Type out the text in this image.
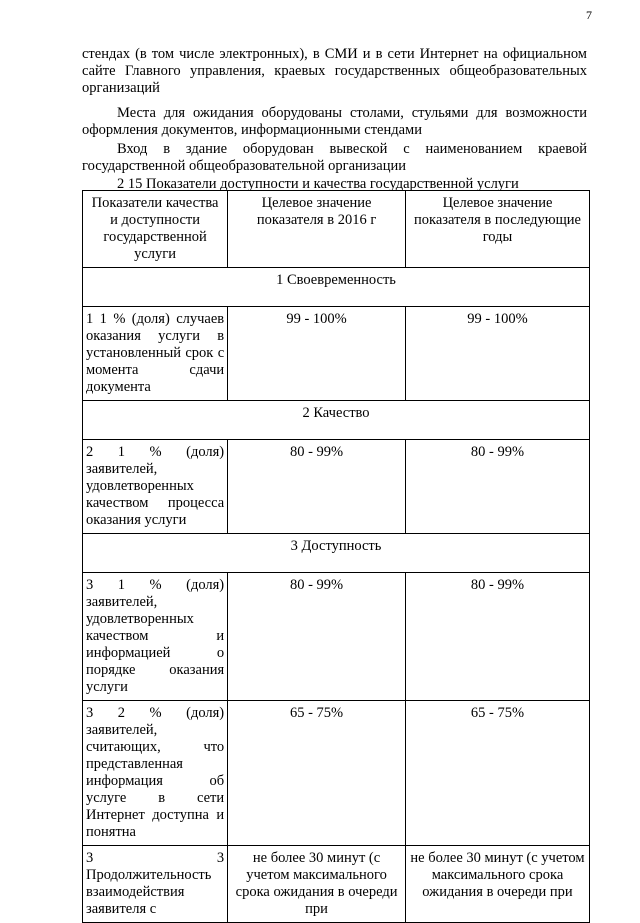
7

стендах (в том числе электронных), в СМИ и в сети Интернет на официальном сайте Главного управления, краевых государственных общеобразовательных организаций

Места для ожидания оборудованы столами, стульями для возможности оформления документов, информационными стендами

Вход в здание оборудован вывеской с наименованием краевой государственной общеобразовательной организации

2 15 Показатели доступности и качества государственной услуги
Показатели качества и доступности государственной услуги	Целевое значение показателя в 2016 г	Целевое значение показателя в последующие годы
1 Своевременность		
1 1 % (доля) случаев оказания услуги в установленный срок с момента сдачи документа	99 - 100%	99 - 100%
2 Качество		
2 1 % (доля) заявителей, удовлетворенных качеством процесса оказания услуги	80 - 99%	80 - 99%
3 Доступность		
3 1 % (доля) заявителей, удовлетворенных качеством и информацией о порядке оказания услуги	80 - 99%	80 - 99%
3 2 % (доля) заявителей, считающих, что представленная информация об услуге в сети Интернет доступна и понятна	65 - 75%	65 - 75%
3 3 Продолжительность взаимодействия заявителя с	не более 30 минут (с учетом максимального срока ожидания в очереди при	не более 30 минут (с учетом максимального срока ожидания в очереди при
